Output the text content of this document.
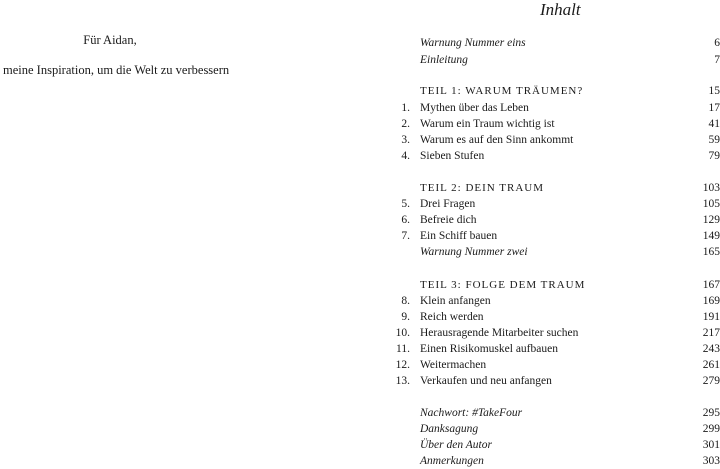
Für Aidan,
meine Inspiration, um die Welt zu verbessern
Inhalt
Warnung Nummer eins	6
Einleitung	7
TEIL 1: WARUM TRÄUMEN?	15
1. Mythen über das Leben	17
2. Warum ein Traum wichtig ist	41
3. Warum es auf den Sinn ankommt	59
4. Sieben Stufen	79
TEIL 2: DEIN TRAUM	103
5. Drei Fragen	105
6. Befreie dich	129
7. Ein Schiff bauen	149
Warnung Nummer zwei	165
TEIL 3: FOLGE DEM TRAUM	167
8. Klein anfangen	169
9. Reich werden	191
10. Herausragende Mitarbeiter suchen	217
11. Einen Risikomuskel aufbauen	243
12. Weitermachen	261
13. Verkaufen und neu anfangen	279
Nachwort: #TakeFour	295
Danksagung	299
Über den Autor	301
Anmerkungen	303
